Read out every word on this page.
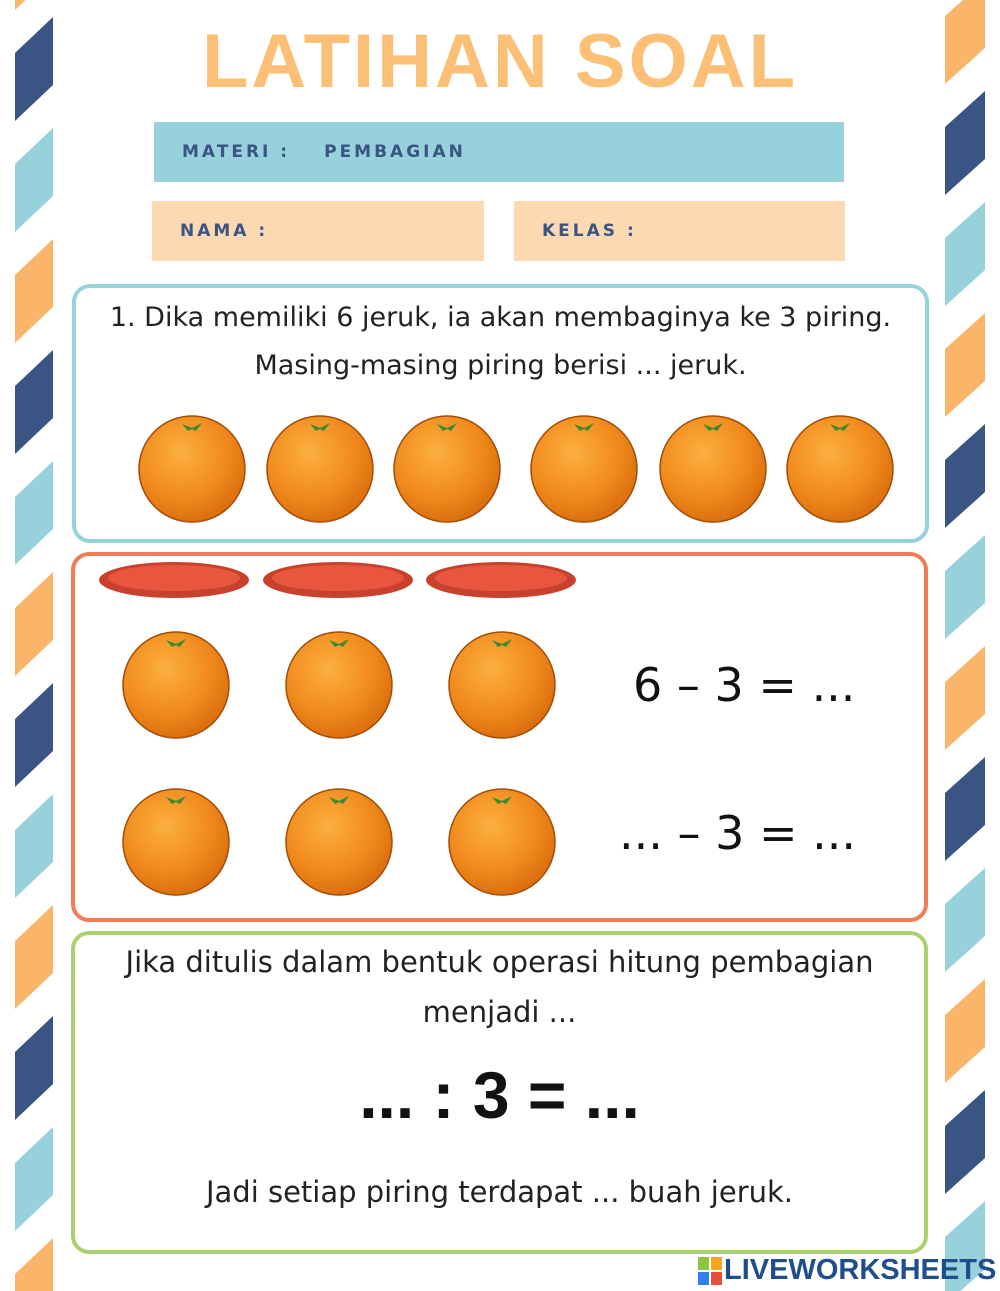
LATIHAN SOAL
MATERI : PEMBAGIAN
NAMA :	KELAS :
1. Dika memiliki 6 jeruk, ia akan membaginya ke 3 piring.
Masing-masing piring berisi ... jeruk.
6 – 3 = ...
... – 3 = ...
Jika ditulis dalam bentuk operasi hitung pembagian
menjadi ...
... : 3 = ...
Jadi setiap piring terdapat ... buah jeruk.
LIVEWORKSHEETS
